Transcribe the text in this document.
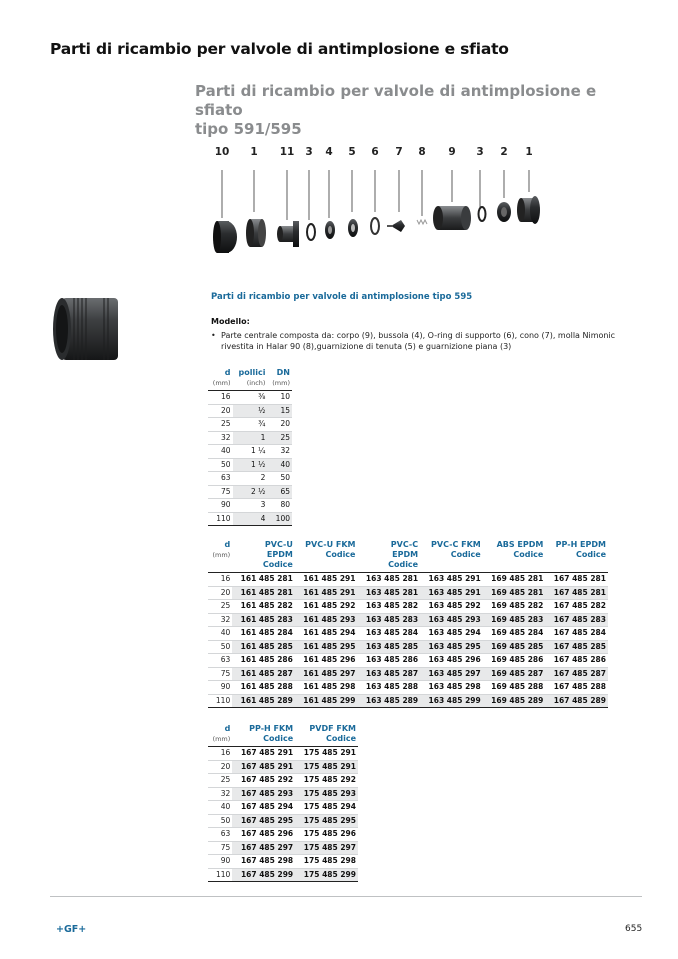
Parti di ricambio per valvole di antimplosione e sfiato
Parti di ricambio per valvole di antimplosione e sfiato
tipo 591/595
10	1	11	3	4	5	6	7	8	9	3	2	1
Parti di ricambio per valvole di antimplosione tipo 595
Modello:
• Parte centrale composta da: corpo (9), bussola (4), O-ring di supporto (6), cono (7), molla Nimonic rivestita in Halar 90 (8),guarnizione di tenuta (5) e guarnizione piana (3)
d	pollici	DN
(mm)	(inch)	(mm)
16	⅜	10
20	½	15
25	¾	20
32	1	25
40	1 ¼	32
50	1 ½	40
63	2	50
75	2 ½	65
90	3	80
110	4	100
d	PVC-U	PVC-U FKM	PVC-C	PVC-C FKM	ABS EPDM	PP-H EPDM
(mm)	EPDM	Codice	EPDM	Codice	Codice	Codice
	Codice		Codice			
16	161 485 281	161 485 291	163 485 281	163 485 291	169 485 281	167 485 281
20	161 485 281	161 485 291	163 485 281	163 485 291	169 485 281	167 485 281
25	161 485 282	161 485 292	163 485 282	163 485 292	169 485 282	167 485 282
32	161 485 283	161 485 293	163 485 283	163 485 293	169 485 283	167 485 283
40	161 485 284	161 485 294	163 485 284	163 485 294	169 485 284	167 485 284
50	161 485 285	161 485 295	163 485 285	163 485 295	169 485 285	167 485 285
63	161 485 286	161 485 296	163 485 286	163 485 296	169 485 286	167 485 286
75	161 485 287	161 485 297	163 485 287	163 485 297	169 485 287	167 485 287
90	161 485 288	161 485 298	163 485 288	163 485 298	169 485 288	167 485 288
110	161 485 289	161 485 299	163 485 289	163 485 299	169 485 289	167 485 289
d	PP-H FKM	PVDF FKM
(mm)	Codice	Codice
16	167 485 291	175 485 291
20	167 485 291	175 485 291
25	167 485 292	175 485 292
32	167 485 293	175 485 293
40	167 485 294	175 485 294
50	167 485 295	175 485 295
63	167 485 296	175 485 296
75	167 485 297	175 485 297
90	167 485 298	175 485 298
110	167 485 299	175 485 299
+GF+	655
